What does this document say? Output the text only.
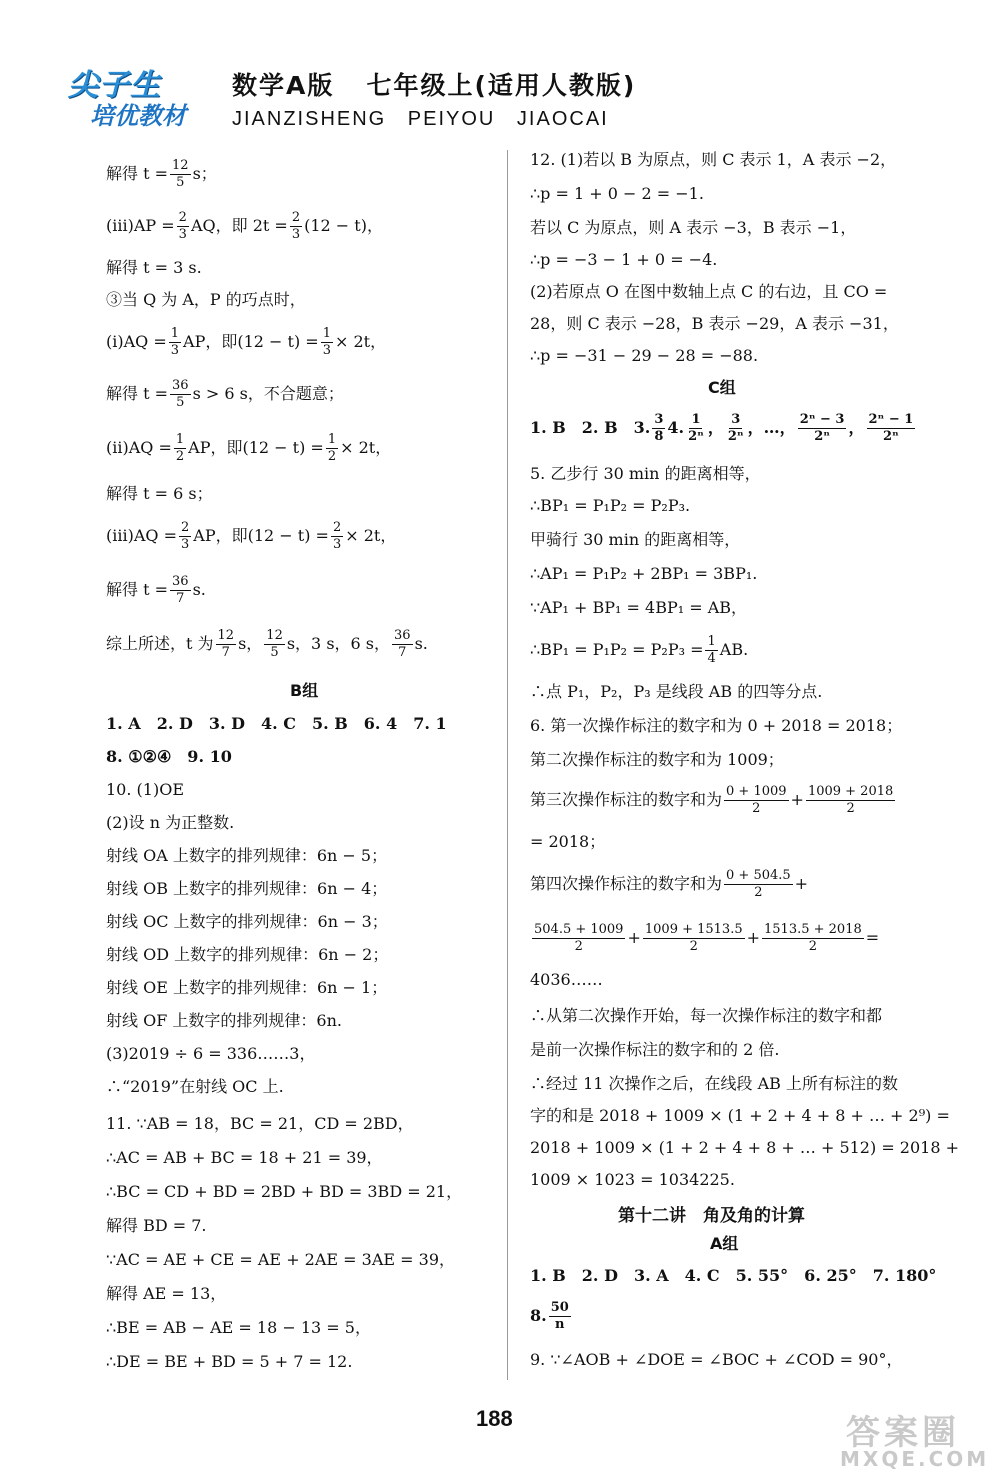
尖子生
培优教材
数学A版   七年级上(适用人教版)
JIANZISHENG PEIYOU JIAOCAI
解得 $t = \frac{12}{5}$ s；
$(iii)AP = \frac{2}{3}$ AQ，即 $2t = \frac{2}{3} (12 - t)$，
解得 t = 3 s.
③当 Q 为 A，P 的巧点时，
$(i)AQ = \frac{1}{3}$ AP，即$(12 - t) = \frac{1}{3} \times 2t$，
解得 $t = \frac{36}{5}$ s > 6 s，不合题意；
$(ii)AQ = \frac{1}{2}$ AP，即$(12 - t) = \frac{1}{2} \times 2t$，
解得 t = 6 s；
$(iii)AQ = \frac{2}{3}$ AP，即$(12 - t) = \frac{2}{3} \times 2t$，
解得 $t = \frac{36}{7} s$.
综上所述，t 为 $\frac{12}{7}$ s， $\frac{12}{5}$ s，3 s，6 s， $\frac{36}{7} s$.
B组
1. A　2. D　3. D　4. C　5. B　6. 4　7. 1
8. ①②④　9. 10
10. (1)OE
(2)设 n 为正整数.
射线 OA 上数字的排列规律：6n − 5；
射线 OB 上数字的排列规律：6n − 4；
射线 OC 上数字的排列规律：6n − 3；
射线 OD 上数字的排列规律：6n − 2；
射线 OE 上数字的排列规律：6n − 1；
射线 OF 上数字的排列规律：6n.
(3)2019 ÷ 6 = 336……3，
∴“2019”在射线 OC 上.
11. ∵AB = 18，BC = 21，CD = 2BD，
∴AC = AB + BC = 18 + 21 = 39，
∴BC = CD + BD = 2BD + BD = 3BD = 21，
解得 BD = 7.
∵AC = AE + CE = AE + 2AE = 3AE = 39，
解得 AE = 13，
∴BE = AB − AE = 18 − 13 = 5，
∴DE = BE + BD = 5 + 7 = 12.
12. (1)若以 B 为原点，则 C 表示 1，A 表示 −2，
∴p = 1 + 0 − 2 = −1.
若以 C 为原点，则 A 表示 −3，B 表示 −1，
∴p = −3 − 1 + 0 = −4.
(2)若原点 O 在图中数轴上点 C 的右边，且 CO =
28，则 C 表示 −28，B 表示 −29，A 表示 −31，
∴p = −31 − 29 − 28 = −88.
C组
1. B　2. B　3. $\frac{3}{8} 4$. $\frac{1}{\text{2ⁿ}}$ ， $\frac{3}{\text{2ⁿ}}$ ，…， $\frac{\text{2ⁿ − 3}}{\text{2ⁿ}}$ ， $\frac{\text{2ⁿ − 1}}{\text{2ⁿ}}$
5. 乙步行 30 min 的距离相等，
∴BP₁ = P₁P₂ = P₂P₃.
甲骑行 30 min 的距离相等，
∴AP₁ = P₁P₂ + 2BP₁ = 3BP₁.
∵AP₁ + BP₁ = 4BP₁ = AB，
∴BP₁ = $P_1P_2 = P_2P_3 = \frac{1}{4}$ AB.
∴点 P₁，P₂，P₃ 是线段 AB 的四等分点.
6. 第一次操作标注的数字和为 0 + 2018 = 2018；
第二次操作标注的数字和为 1009；
第三次操作标注的数字和为 $\frac{0 + 1009}{2} + \frac{1009 + 2018}{2}$
= 2018；
第四次操作标注的数字和为 $\frac{0 + 504.5}{2}$ +
$\frac{504.5 + 1009}{2} + \frac{1009 + 1513.5}{2} + \frac{1513.5 + 2018}{2}$ =
4036……
∴从第二次操作开始，每一次操作标注的数字和都
是前一次操作标注的数字和的 2 倍.
∴经过 11 次操作之后，在线段 AB 上所有标注的数
字的和是 2018 + 1009 × (1 + 2 + 4 + 8 + … + 2⁹) =
2018 + 1009 × (1 + 2 + 4 + 8 + … + 512) = 2018 +
1009 × 1023 = 1034225.
第十二讲　角及角的计算
A组
1. B　2. D　3. A　4. C　5. 55°　6. 25°　7. 180°
8. $\frac{50}{n}$
9. ∵∠AOB + ∠DOE = ∠BOC + ∠COD = 90°，
188	答案圈
MXQE.COM
